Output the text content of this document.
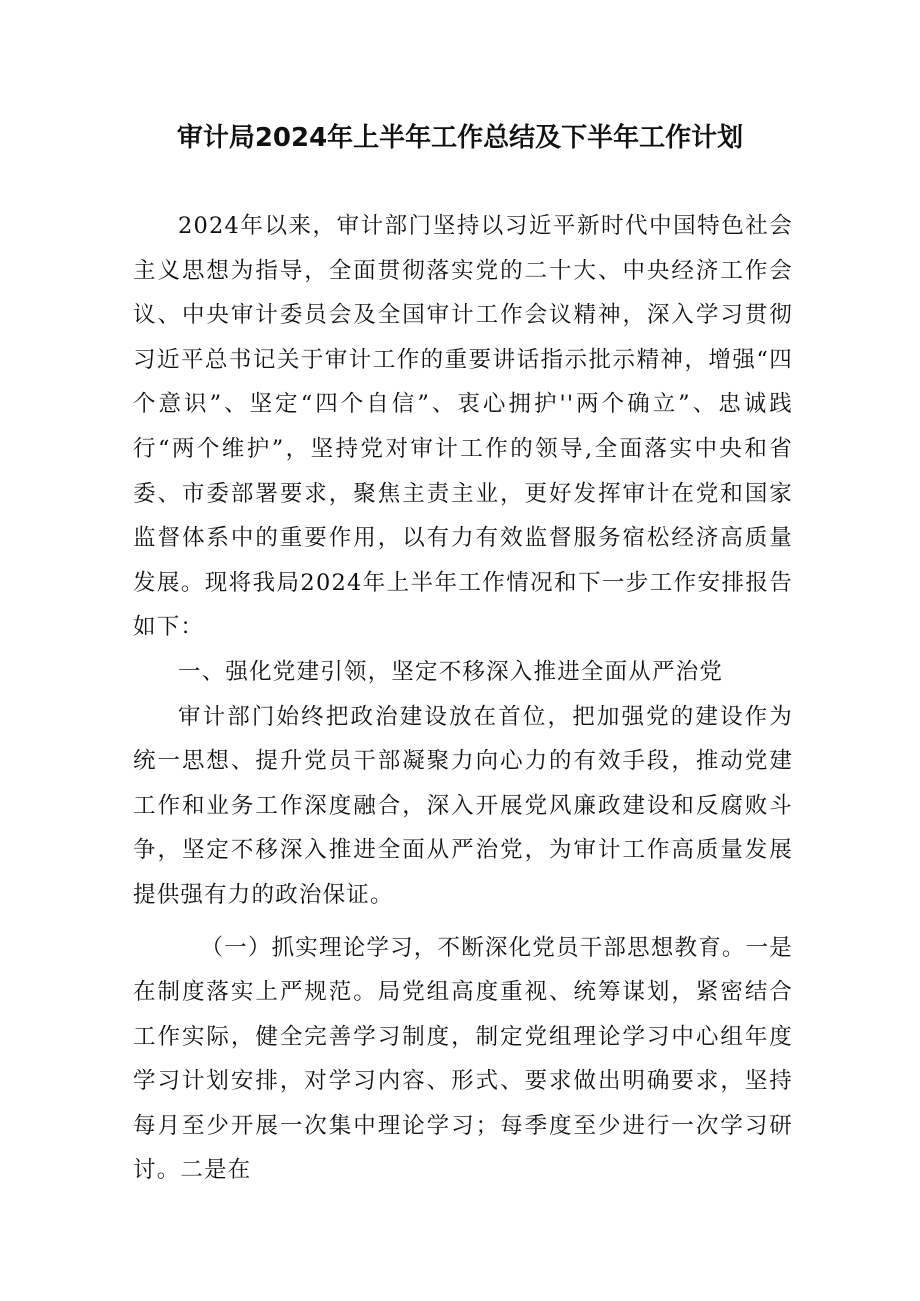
审计局2024年上半年工作总结及下半年工作计划

2024年以来，审计部门坚持以习近平新时代中国特色社会主义思想为指导，全面贯彻落实党的二十大、中央经济工作会议、中央审计委员会及全国审计工作会议精神，深入学习贯彻习近平总书记关于审计工作的重要讲话指示批示精神，增强“四个意识”、坚定“四个自信”、衷心拥护''两个确立”、忠诚践行“两个维护”，坚持党对审计工作的领导,全面落实中央和省委、市委部署要求，聚焦主责主业，更好发挥审计在党和国家监督体系中的重要作用，以有力有效监督服务宿松经济高质量发展。现将我局2024年上半年工作情况和下一步工作安排报告如下：

一、强化党建引领，坚定不移深入推进全面从严治党

审计部门始终把政治建设放在首位，把加强党的建设作为统一思想、提升党员干部凝聚力向心力的有效手段，推动党建工作和业务工作深度融合，深入开展党风廉政建设和反腐败斗争，坚定不移深入推进全面从严治党，为审计工作高质量发展提供强有力的政治保证。

（一）抓实理论学习，不断深化党员干部思想教育。一是在制度落实上严规范。局党组高度重视、统筹谋划，紧密结合工作实际，健全完善学习制度，制定党组理论学习中心组年度学习计划安排，对学习内容、形式、要求做出明确要求，坚持每月至少开展一次集中理论学习；每季度至少进行一次学习研讨。二是在
